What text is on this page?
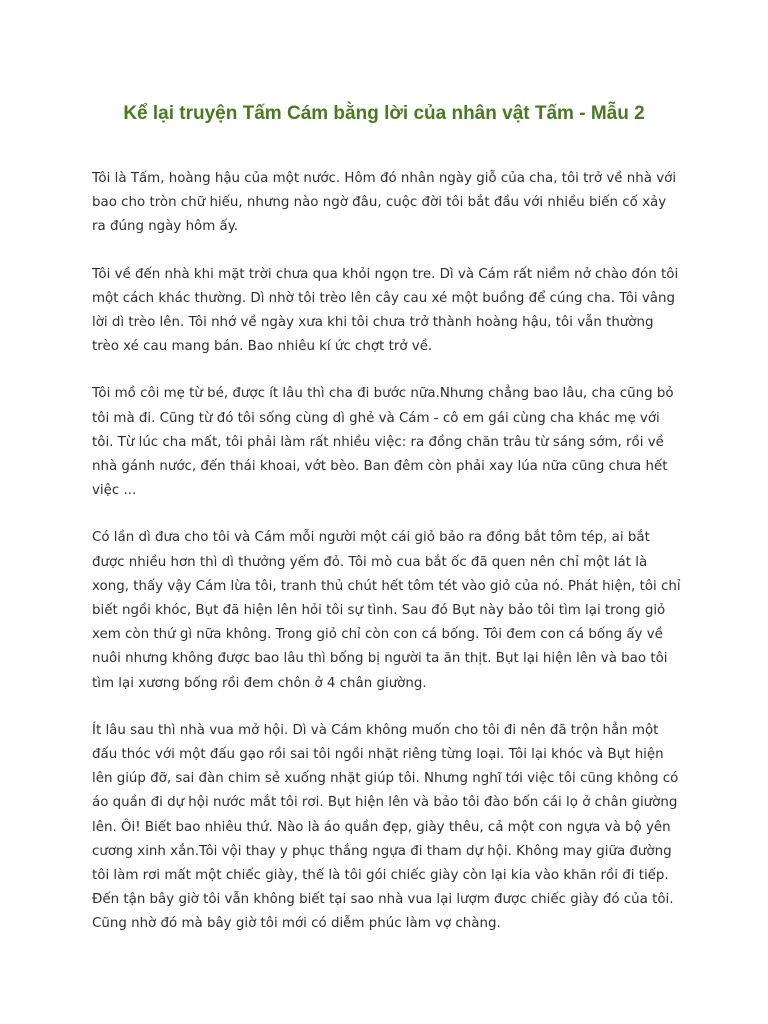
Kể lại truyện Tấm Cám bằng lời của nhân vật Tấm - Mẫu 2

Tôi là Tấm, hoàng hậu của một nước. Hôm đó nhân ngày giỗ của cha, tôi trở về nhà với bao cho tròn chữ hiếu, nhưng nào ngờ đâu, cuộc đời tôi bắt đầu với nhiều biến cố xảy ra đúng ngày hôm ấy.

Tôi về đến nhà khi mặt trời chưa qua khỏi ngọn tre. Dì và Cám rất niềm nở chào đón tôi một cách khác thường. Dì nhờ tôi trèo lên cây cau xé một buồng để cúng cha. Tôi vâng lời dì trèo lên. Tôi nhớ về ngày xưa khi tôi chưa trở thành hoàng hậu, tôi vẫn thường trèo xé cau mang bán. Bao nhiêu kí ức chợt trở về.

Tôi mồ côi mẹ từ bé, được ít lâu thì cha đi bước nữa.Nhưng chẳng bao lâu, cha cũng bỏ tôi mà đi. Cũng từ đó tôi sống cùng dì ghẻ và Cám - cô em gái cùng cha khác mẹ với tôi. Từ lúc cha mất, tôi phải làm rất nhiều việc: ra đồng chăn trâu từ sáng sớm, rồi về nhà gánh nước, đến thái khoai, vớt bèo. Ban đêm còn phải xay lúa nữa cũng chưa hết việc ...

Có lần dì đưa cho tôi và Cám mỗi người một cái giỏ bảo ra đồng bắt tôm tép, ai bắt được nhiều hơn thì dì thưởng yếm đỏ. Tôi mò cua bắt ốc đã quen nên chỉ một lát là xong, thấy vậy Cám lừa tôi, tranh thủ chút hết tôm tét vào giỏ của nó. Phát hiện, tôi chỉ biết ngồi khóc, Bụt đã hiện lên hỏi tôi sự tình. Sau đó Bụt này bảo tôi tìm lại trong giỏ xem còn thứ gì nữa không. Trong giỏ chỉ còn con cá bống. Tôi đem con cá bống ấy về nuôi nhưng không được bao lâu thì bống bị người ta ăn thịt. Bụt lại hiện lên và bao tôi tìm lại xương bống rồi đem chôn ở 4 chân giường.

Ít lâu sau thì nhà vua mở hội. Dì và Cám không muốn cho tôi đi nên đã trộn hẳn một đấu thóc với một đấu gạo rồi sai tôi ngồi nhặt riêng từng loại. Tôi lại khóc và Bụt hiện lên giúp đỡ, sai đàn chim sẻ xuống nhặt giúp tôi. Nhưng nghĩ tới việc tôi cũng không có áo quần đi dự hội nước mắt tôi rơi. Bụt hiện lên và bảo tôi đào bốn cái lọ ở chân giường lên. Ôi! Biết bao nhiêu thứ. Nào là áo quần đẹp, giày thêu, cả một con ngựa và bộ yên cương xinh xắn.Tôi vội thay y phục thắng ngựa đi tham dự hội. Không may giữa đường tôi làm rơi mất một chiếc giày, thế là tôi gói chiếc giày còn lại kia vào khăn rồi đi tiếp. Đến tận bây giờ tôi vẫn không biết tại sao nhà vua lại lượm được chiếc giày đó của tôi. Cũng nhờ đó mà bây giờ tôi mới có diễm phúc làm vợ chàng.
